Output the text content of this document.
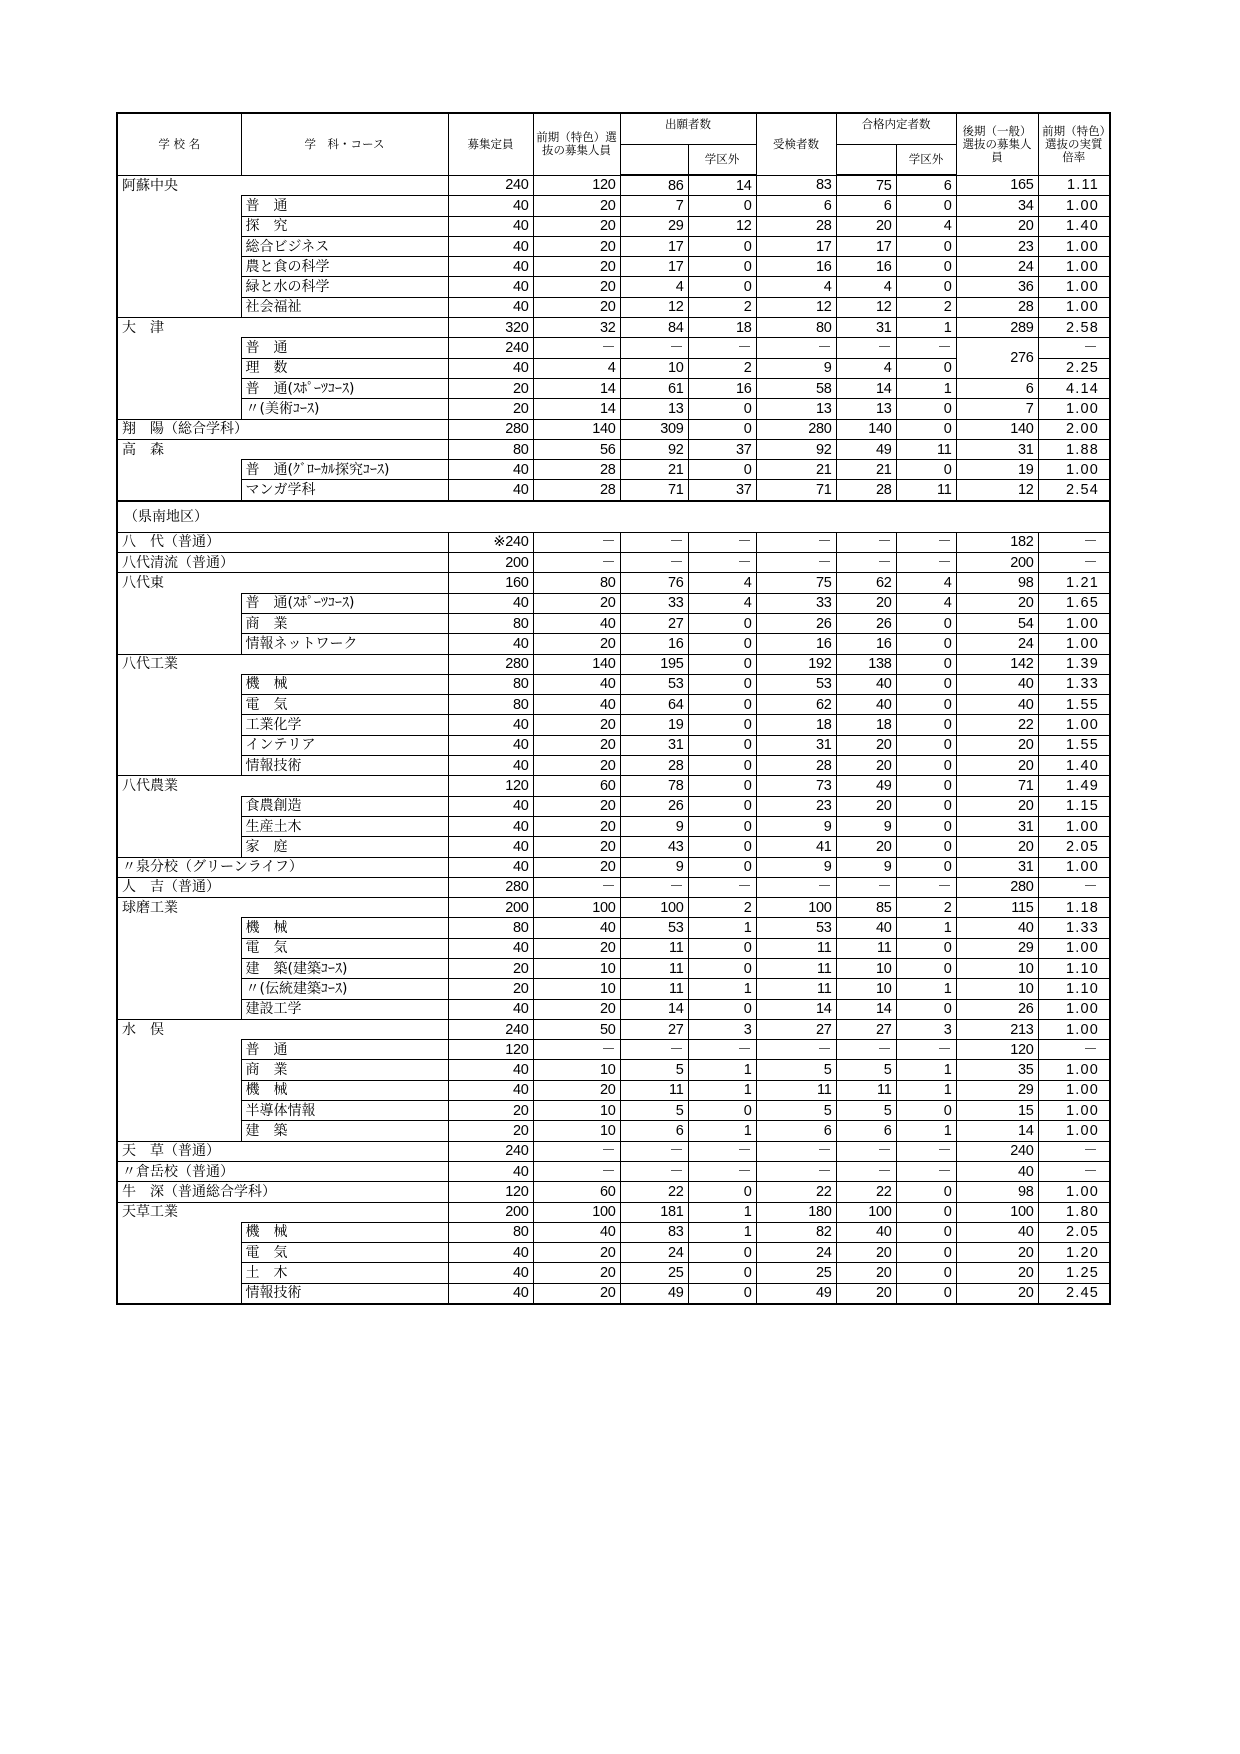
学 校 名	学　科・コース	募集定員	前期（特色）選抜の募集人員	出願者数		受検者数	合格内定者数		後期（一般）選抜の募集人員	前期（特色）選抜の実質倍率
					学区外			学区外		
阿蘇中央		240	120	86	14	83	75	6	165	1.11
	普　通	40	20	7	0	6	6	0	34	1.00
	探　究	40	20	29	12	28	20	4	20	1.40
	総合ビジネス	40	20	17	0	17	17	0	23	1.00
	農と食の科学	40	20	17	0	16	16	0	24	1.00
	緑と水の科学	40	20	4	0	4	4	0	36	1.00
	社会福祉	40	20	12	2	12	12	2	28	1.00
大　津		320	32	84	18	80	31	1	289	2.58
	普　通	240	－	－	－	－	－	－	276	－
	理　数	40	4	10	2	9	4	0		2.25
	普　通(ｽﾎﾟｰﾂｺｰｽ)	20	14	61	16	58	14	1	6	4.14
	〃(美術ｺｰｽ)	20	14	13	0	13	13	0	7	1.00
翔　陽（総合学科）		280	140	309	0	280	140	0	140	2.00
高　森		80	56	92	37	92	49	11	31	1.88
	普　通(ｸﾞﾛｰｶﾙ探究ｺｰｽ)	40	28	21	0	21	21	0	19	1.00
	マンガ学科	40	28	71	37	71	28	11	12	2.54
（県南地区）										
八　代（普通）		※240	－	－	－	－	－	－	182	－
八代清流（普通）		200	－	－	－	－	－	－	200	－
八代東		160	80	76	4	75	62	4	98	1.21
	普　通(ｽﾎﾟｰﾂｺｰｽ)	40	20	33	4	33	20	4	20	1.65
	商　業	80	40	27	0	26	26	0	54	1.00
	情報ネットワーク	40	20	16	0	16	16	0	24	1.00
八代工業		280	140	195	0	192	138	0	142	1.39
	機　械	80	40	53	0	53	40	0	40	1.33
	電　気	80	40	64	0	62	40	0	40	1.55
	工業化学	40	20	19	0	18	18	0	22	1.00
	インテリア	40	20	31	0	31	20	0	20	1.55
	情報技術	40	20	28	0	28	20	0	20	1.40
八代農業		120	60	78	0	73	49	0	71	1.49
	食農創造	40	20	26	0	23	20	0	20	1.15
	生産土木	40	20	9	0	9	9	0	31	1.00
	家　庭	40	20	43	0	41	20	0	20	2.05
〃泉分校（グリーンライフ）		40	20	9	0	9	9	0	31	1.00
人　吉（普通）		280	－	－	－	－	－	－	280	－
球磨工業		200	100	100	2	100	85	2	115	1.18
	機　械	80	40	53	1	53	40	1	40	1.33
	電　気	40	20	11	0	11	11	0	29	1.00
	建　築(建築ｺｰｽ)	20	10	11	0	11	10	0	10	1.10
	〃(伝統建築ｺｰｽ)	20	10	11	1	11	10	1	10	1.10
	建設工学	40	20	14	0	14	14	0	26	1.00
水　俣		240	50	27	3	27	27	3	213	1.00
	普　通	120	－	－	－	－	－	－	120	－
	商　業	40	10	5	1	5	5	1	35	1.00
	機　械	40	20	11	1	11	11	1	29	1.00
	半導体情報	20	10	5	0	5	5	0	15	1.00
	建　築	20	10	6	1	6	6	1	14	1.00
天　草（普通）		240	－	－	－	－	－	－	240	－
〃倉岳校（普通）		40	－	－	－	－	－	－	40	－
牛　深（普通総合学科）		120	60	22	0	22	22	0	98	1.00
天草工業		200	100	181	1	180	100	0	100	1.80
	機　械	80	40	83	1	82	40	0	40	2.05
	電　気	40	20	24	0	24	20	0	20	1.20
	土　木	40	20	25	0	25	20	0	20	1.25
	情報技術	40	20	49	0	49	20	0	20	2.45
